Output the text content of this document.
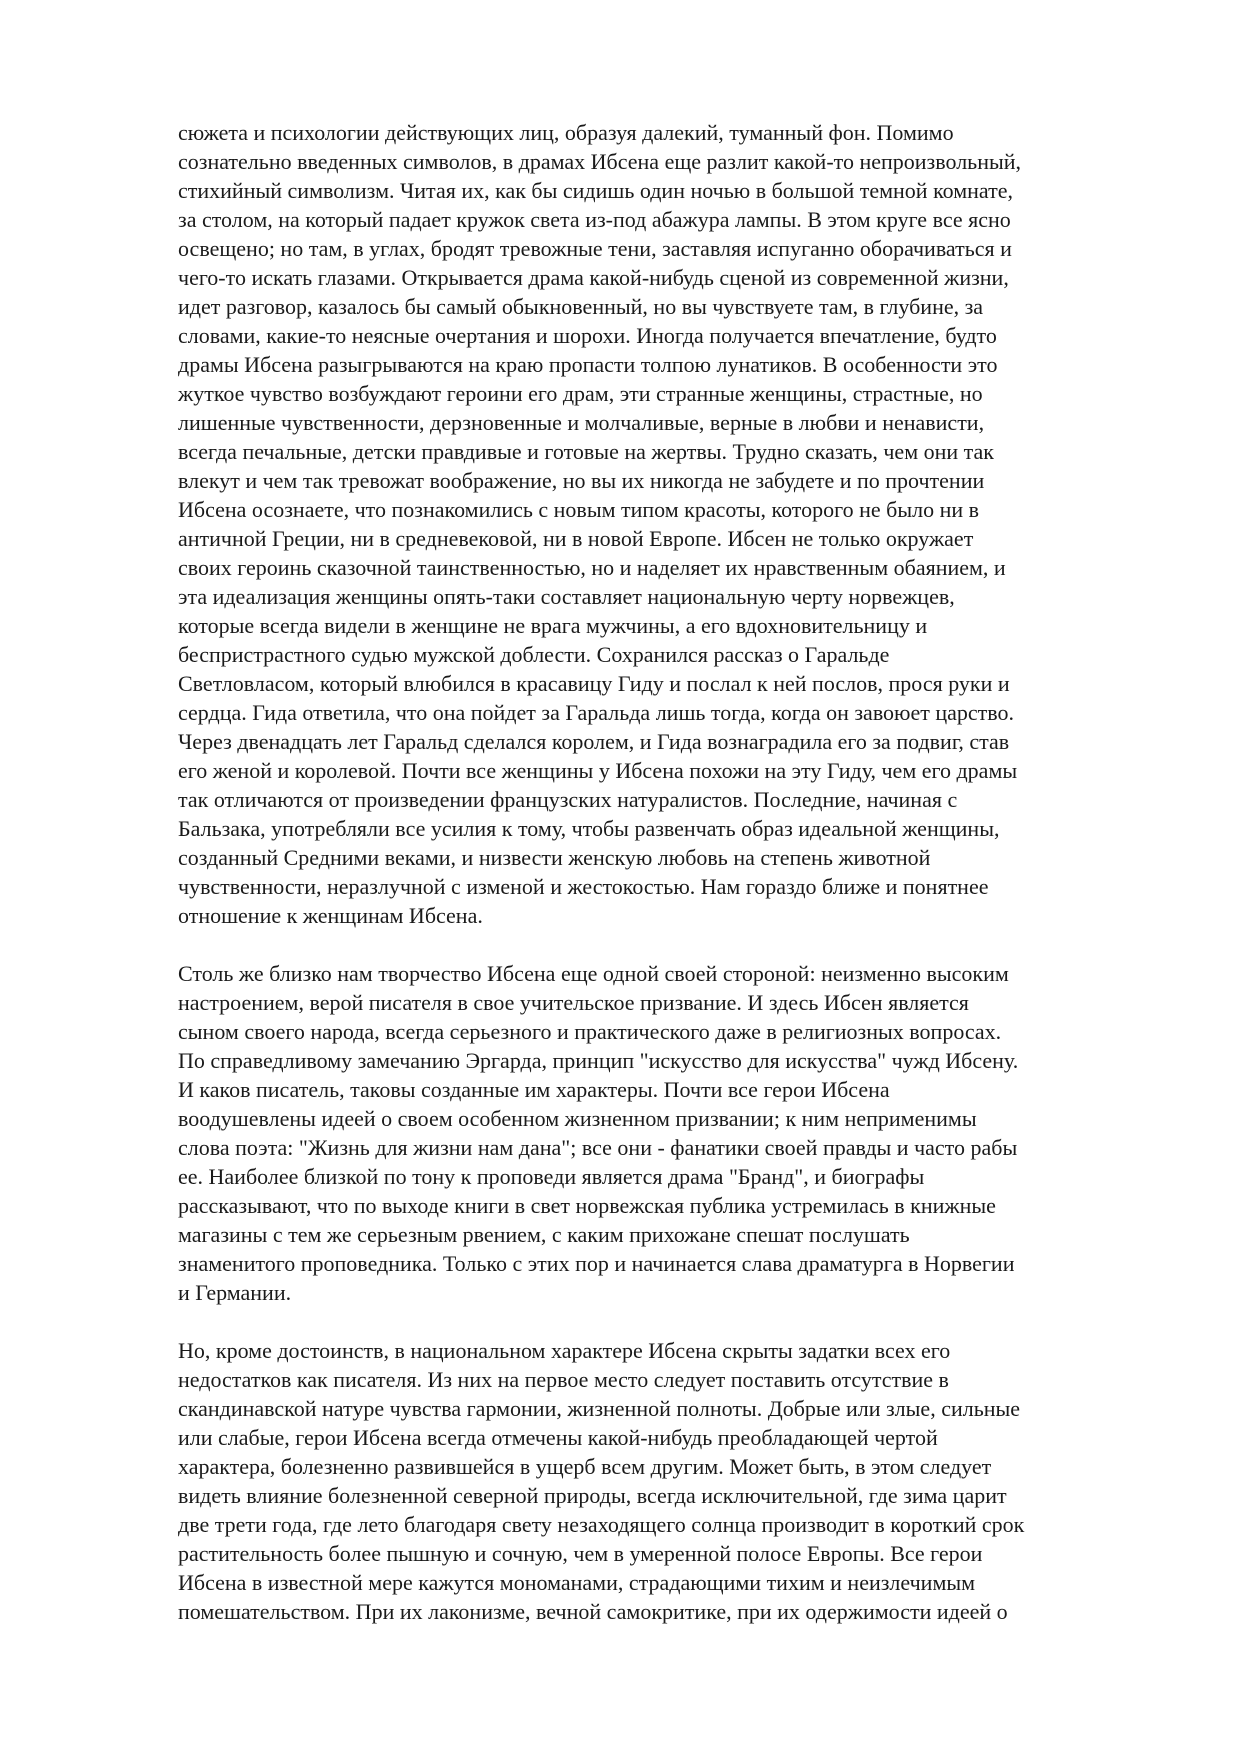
сюжета и психологии действующих лиц, образуя далекий, туманный фон. Помимо
сознательно введенных символов, в драмах Ибсена еще разлит какой-то непроизвольный,
стихийный символизм. Читая их, как бы сидишь один ночью в большой темной комнате,
за столом, на который падает кружок света из-под абажура лампы. В этом круге все ясно
освещено; но там, в углах, бродят тревожные тени, заставляя испуганно оборачиваться и
чего-то искать глазами. Открывается драма какой-нибудь сценой из современной жизни,
идет разговор, казалось бы самый обыкновенный, но вы чувствуете там, в глубине, за
словами, какие-то неясные очертания и шорохи. Иногда получается впечатление, будто
драмы Ибсена разыгрываются на краю пропасти толпою лунатиков. В особенности это
жуткое чувство возбуждают героини его драм, эти странные женщины, страстные, но
лишенные чувственности, дерзновенные и молчаливые, верные в любви и ненависти,
всегда печальные, детски правдивые и готовые на жертвы. Трудно сказать, чем они так
влекут и чем так тревожат воображение, но вы их никогда не забудете и по прочтении
Ибсена осознаете, что познакомились с новым типом красоты, которого не было ни в
античной Греции, ни в средневековой, ни в новой Европе. Ибсен не только окружает
своих героинь сказочной таинственностью, но и наделяет их нравственным обаянием, и
эта идеализация женщины опять-таки составляет национальную черту норвежцев,
которые всегда видели в женщине не врага мужчины, а его вдохновительницу и
беспристрастного судью мужской доблести. Сохранился рассказ о Гаральде
Светловласом, который влюбился в красавицу Гиду и послал к ней послов, прося руки и
сердца. Гида ответила, что она пойдет за Гаральда лишь тогда, когда он завоюет царство.
Через двенадцать лет Гаральд сделался королем, и Гида вознаградила его за подвиг, став
его женой и королевой. Почти все женщины у Ибсена похожи на эту Гиду, чем его драмы
так отличаются от произведении французских натуралистов. Последние, начиная с
Бальзака, употребляли все усилия к тому, чтобы развенчать образ идеальной женщины,
созданный Средними веками, и низвести женскую любовь на степень животной
чувственности, неразлучной с изменой и жестокостью. Нам гораздо ближе и понятнее
отношение к женщинам Ибсена.
Столь же близко нам творчество Ибсена еще одной своей стороной: неизменно высоким
настроением, верой писателя в свое учительское призвание. И здесь Ибсен является
сыном своего народа, всегда серьезного и практического даже в религиозных вопросах.
По справедливому замечанию Эргарда, принцип "искусство для искусства" чужд Ибсену.
И каков писатель, таковы созданные им характеры. Почти все герои Ибсена
воодушевлены идеей о своем особенном жизненном призвании; к ним неприменимы
слова поэта: "Жизнь для жизни нам дана"; все они - фанатики своей правды и часто рабы
ее. Наиболее близкой по тону к проповеди является драма "Бранд", и биографы
рассказывают, что по выходе книги в свет норвежская публика устремилась в книжные
магазины с тем же серьезным рвением, с каким прихожане спешат послушать
знаменитого проповедника. Только с этих пор и начинается слава драматурга в Норвегии
и Германии.
Но, кроме достоинств, в национальном характере Ибсена скрыты задатки всех его
недостатков как писателя. Из них на первое место следует поставить отсутствие в
скандинавской натуре чувства гармонии, жизненной полноты. Добрые или злые, сильные
или слабые, герои Ибсена всегда отмечены какой-нибудь преобладающей чертой
характера, болезненно развившейся в ущерб всем другим. Может быть, в этом следует
видеть влияние болезненной северной природы, всегда исключительной, где зима царит
две трети года, где лето благодаря свету незаходящего солнца производит в короткий срок
растительность более пышную и сочную, чем в умеренной полосе Европы. Все герои
Ибсена в известной мере кажутся мономанами, страдающими тихим и неизлечимым
помешательством. При их лаконизме, вечной самокритике, при их одержимости идеей о
